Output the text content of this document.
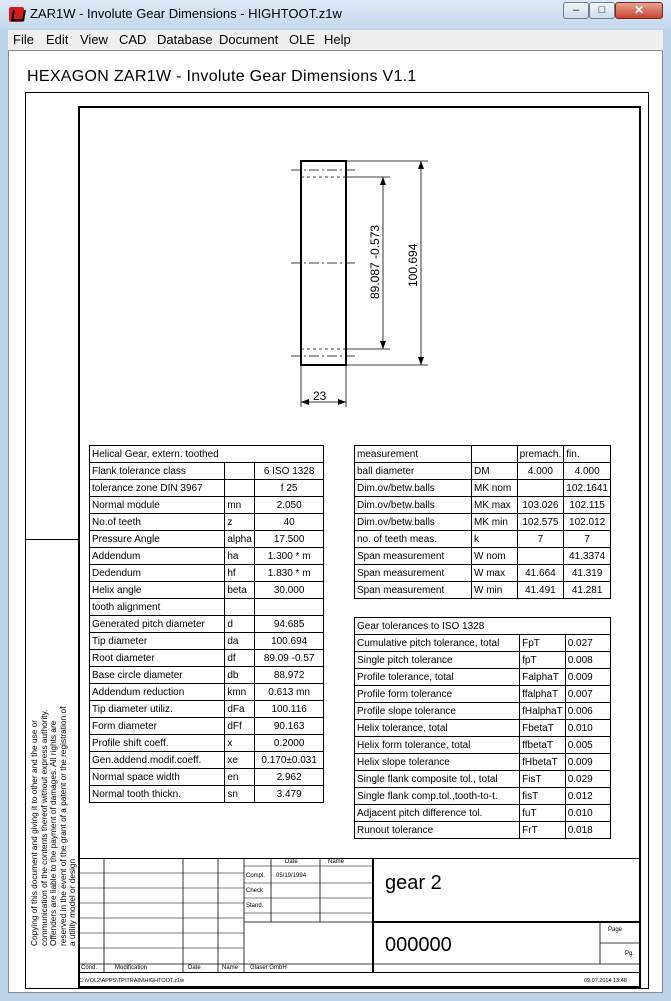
ZAR1W - Involute Gear Dimensions - HIGHTOOT.z1w	–	□	✕
File Edit View CAD Database Document OLE Help
HEXAGON ZAR1W - Involute Gear Dimensions V1.1
Copying of this document and giving it to other and the use or communication of the contents thereof without express authority. Offenders are liable to the payment of damages. All rights are reserved in the event of the grant of a patent or the registration of a utility model or design
23
89.087 -0.573 100.694
Helical Gear, extern. toothed		
Flank tolerance class		6 ISO 1328
tolerance zone DIN 3967		f 25
Normal module	mn	2.050
No.of teeth	z	40
Pressure Angle	alpha	17.500
Addendum	ha	1.300 * m
Dedendum	hf	1.830 * m
Helix angle	beta	30.000
tooth alignment		
Generated pitch diameter	d	94.685
Tip diameter	da	100.694
Root diameter	df	89.09 -0.57
Base circle diameter	db	88.972
Addendum reduction	kmn	0.613 mn
Tip diameter utiliz.	dFa	100.116
Form diameter	dFf	90.163
Profile shift coeff.	x	0.2000
Gen.addend.modif.coeff.	xe	0.170±0.031
Normal space width	en	2.962
Normal tooth thickn.	sn	3.479
measurement		premach.	fin.
ball diameter	DM	4.000	4.000
Dim.ov/betw.balls	MK nom		102.1641
Dim.ov/betw.balls	MK max	103.026	102.115
Dim.ov/betw.balls	MK min	102.575	102.012
no. of teeth meas.	k	7	7
Span measurement	W nom		41.3374
Span measurement	W max	41.664	41.319
Span measurement	W min	41.491	41.281
Gear tolerances to ISO 1328		
Cumulative pitch tolerance, total	FpT	0.027
Single pitch tolerance	fpT	0.008
Profile tolerance, total	FalphaT	0.009
Profile form tolerance	ffalphaT	0.007
Profile slope tolerance	fHalphaT	0.006
Helix tolerance, total	FbetaT	0.010
Helix form tolerance, total	ffbetaT	0.005
Helix slope tolerance	fHbetaT	0.009
Single flank composite tol., total	FisT	0.029
Single flank comp.tol.,tooth-to-t.	fisT	0.012
Adjacent pitch difference tol.	fuT	0.010
Runout tolerance	FrT	0.018
Date	Name
Compl. 05/19/1994
Check
Stand.
gear 2
000000
Page
Pg.
Cond.	Modification	Date	Name Glaser GmbH
C:\VOL2\APPS\TP\TRAIN\HIGHTOOT.z1w	09.07.2014 13:48
